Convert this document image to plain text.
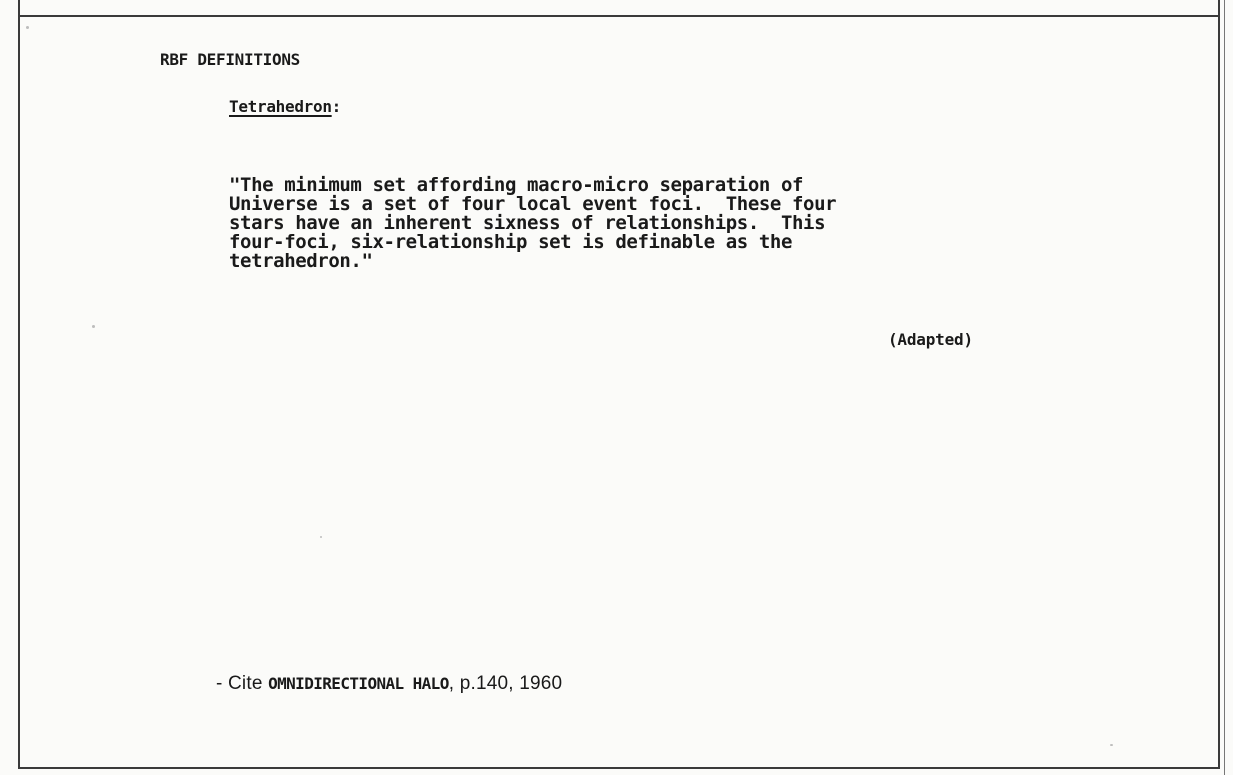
RBF DEFINITIONS
Tetrahedron:
"The minimum set affording macro-micro separation of
Universe is a set of four local event foci.  These four
stars have an inherent sixness of relationships.  This
four-foci, six-relationship set is definable as the
tetrahedron."
(Adapted)
- Cite OMNIDIRECTIONAL HALO, p.140, 1960
